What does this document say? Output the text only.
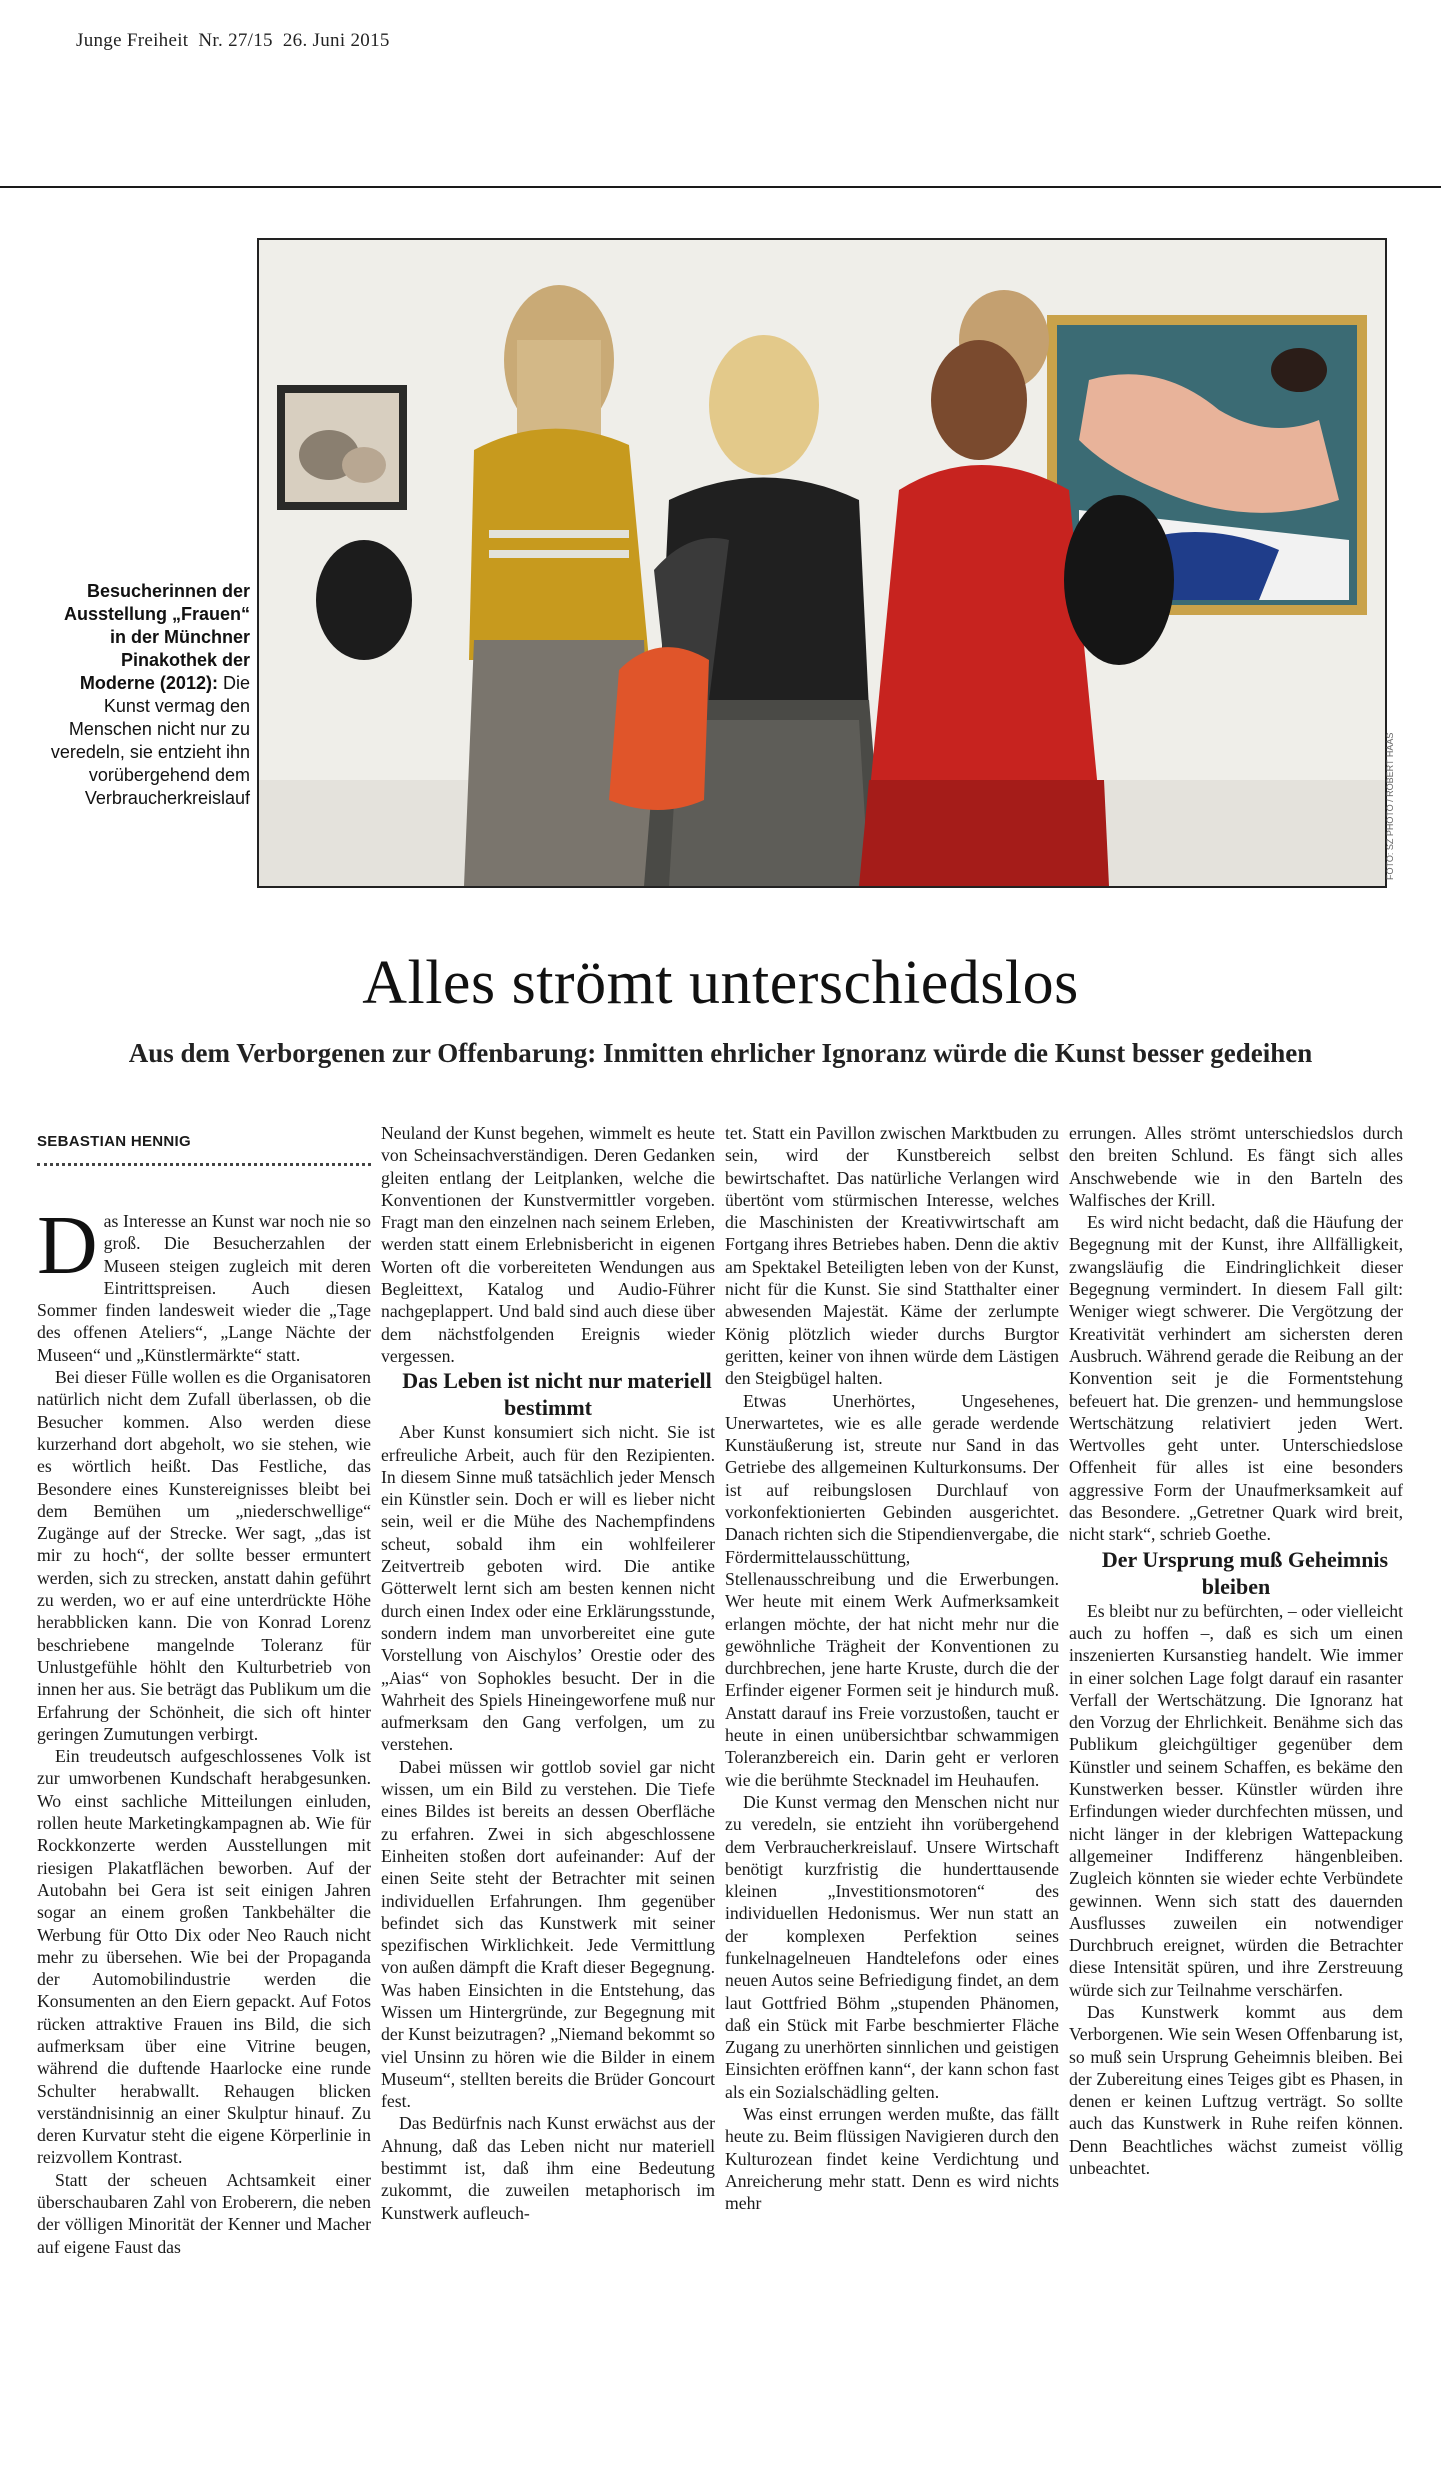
Junge Freiheit Nr. 27/15 26. Juni 2015
FOTO: SZ PHOTO / ROBERT HAAS
Besucherinnen der Ausstellung „Frauen“ in der Münchner Pinakothek der Moderne (2012): Die Kunst vermag den Menschen nicht nur zu veredeln, sie entzieht ihn vorübergehend dem Verbraucherkreislauf
Alles strömt unterschiedslos
Aus dem Verborgenen zur Offenbarung: Inmitten ehrlicher Ignoranz würde die Kunst besser gedeihen
SEBASTIAN HENNIG

Das Interesse an Kunst war noch nie so groß. Die Besucherzahlen der Museen steigen zugleich mit deren Eintrittspreisen. Auch diesen Sommer finden landesweit wieder die „Tage des offenen Ateliers“, „Lange Nächte der Museen“ und „Künstlermärkte“ statt.

Bei dieser Fülle wollen es die Organisatoren natürlich nicht dem Zufall überlassen, ob die Besucher kommen. Also werden diese kurzerhand dort abgeholt, wo sie stehen, wie es wörtlich heißt. Das Festliche, das Besondere eines Kunstereignisses bleibt bei dem Bemühen um „niederschwellige“ Zugänge auf der Strecke. Wer sagt, „das ist mir zu hoch“, der sollte besser ermuntert werden, sich zu strecken, anstatt dahin geführt zu werden, wo er auf eine unterdrückte Höhe herabblicken kann. Die von Konrad Lorenz beschriebene mangelnde Toleranz für Unlustgefühle höhlt den Kulturbetrieb von innen her aus. Sie beträgt das Publikum um die Erfahrung der Schönheit, die sich oft hinter geringen Zumutungen verbirgt.

Ein treudeutsch aufgeschlossenes Volk ist zur umworbenen Kundschaft herabgesunken. Wo einst sachliche Mitteilungen einluden, rollen heute Marketingkampagnen ab. Wie für Rockkonzerte werden Ausstellungen mit riesigen Plakatflächen beworben. Auf der Autobahn bei Gera ist seit einigen Jahren sogar an einem großen Tankbehälter die Werbung für Otto Dix oder Neo Rauch nicht mehr zu übersehen. Wie bei der Propaganda der Automobilindustrie werden die Konsumenten an den Eiern gepackt. Auf Fotos rücken attraktive Frauen ins Bild, die sich aufmerksam über eine Vitrine beugen, während die duftende Haarlocke eine runde Schulter herabwallt. Rehaugen blicken verständnisinnig an einer Skulptur hinauf. Zu deren Kurvatur steht die eigene Körperlinie in reizvollem Kontrast.

Statt der scheuen Achtsamkeit einer überschaubaren Zahl von Eroberern, die neben der völligen Minorität der Kenner und Macher auf eigene Faust das

Neuland der Kunst begehen, wimmelt es heute von Scheinsachverständigen. Deren Gedanken gleiten entlang der Leitplanken, welche die Konventionen der Kunstvermittler vorgeben. Fragt man den einzelnen nach seinem Erleben, werden statt einem Erlebnisbericht in eigenen Worten oft die vorbereiteten Wendungen aus Begleittext, Katalog und Audio-Führer nachgeplappert. Und bald sind auch diese über dem nächstfolgenden Ereignis wieder vergessen.

Das Leben ist nicht nur materiell bestimmt

Aber Kunst konsumiert sich nicht. Sie ist erfreuliche Arbeit, auch für den Rezipienten. In diesem Sinne muß tatsächlich jeder Mensch ein Künstler sein. Doch er will es lieber nicht sein, weil er die Mühe des Nachempfindens scheut, sobald ihm ein wohlfeilerer Zeitvertreib geboten wird. Die antike Götterwelt lernt sich am besten kennen nicht durch einen Index oder eine Erklärungsstunde, sondern indem man unvorbereitet eine gute Vorstellung von Aischylos’ Orestie oder des „Aias“ von Sophokles besucht. Der in die Wahrheit des Spiels Hineingeworfene muß nur aufmerksam den Gang verfolgen, um zu verstehen.

Dabei müssen wir gottlob soviel gar nicht wissen, um ein Bild zu verstehen. Die Tiefe eines Bildes ist bereits an dessen Oberfläche zu erfahren. Zwei in sich abgeschlossene Einheiten stoßen dort aufeinander: Auf der einen Seite steht der Betrachter mit seinen individuellen Erfahrungen. Ihm gegenüber befindet sich das Kunstwerk mit seiner spezifischen Wirklichkeit. Jede Vermittlung von außen dämpft die Kraft dieser Begegnung. Was haben Einsichten in die Entstehung, das Wissen um Hintergründe, zur Begegnung mit der Kunst beizutragen? „Niemand bekommt so viel Unsinn zu hören wie die Bilder in einem Museum“, stellten bereits die Brüder Goncourt fest.

Das Bedürfnis nach Kunst erwächst aus der Ahnung, daß das Leben nicht nur materiell bestimmt ist, daß ihm eine Bedeutung zukommt, die zuweilen metaphorisch im Kunstwerk aufleuch-

tet. Statt ein Pavillon zwischen Marktbuden zu sein, wird der Kunstbereich selbst bewirtschaftet. Das natürliche Verlangen wird übertönt vom stürmischen Interesse, welches die Maschinisten der Kreativwirtschaft am Fortgang ihres Betriebes haben. Denn die aktiv am Spektakel Beteiligten leben von der Kunst, nicht für die Kunst. Sie sind Statthalter einer abwesenden Majestät. Käme der zerlumpte König plötzlich wieder durchs Burgtor geritten, keiner von ihnen würde dem Lästigen den Steigbügel halten.

Etwas Unerhörtes, Ungesehenes, Unerwartetes, wie es alle gerade werdende Kunstäußerung ist, streute nur Sand in das Getriebe des allgemeinen Kulturkonsums. Der ist auf reibungslosen Durchlauf von vorkonfektionierten Gebinden ausgerichtet. Danach richten sich die Stipendienvergabe, die Fördermittelausschüttung, Stellenausschreibung und die Erwerbungen. Wer heute mit einem Werk Aufmerksamkeit erlangen möchte, der hat nicht mehr nur die gewöhnliche Trägheit der Konventionen zu durchbrechen, jene harte Kruste, durch die der Erfinder eigener Formen seit je hindurch muß. Anstatt darauf ins Freie vorzustoßen, taucht er heute in einen unübersichtbar schwammigen Toleranzbereich ein. Darin geht er verloren wie die berühmte Stecknadel im Heuhaufen.

Die Kunst vermag den Menschen nicht nur zu veredeln, sie entzieht ihn vorübergehend dem Verbraucherkreislauf. Unsere Wirtschaft benötigt kurzfristig die hunderttausende kleinen „Investitionsmotoren“ des individuellen Hedonismus. Wer nun statt an der komplexen Perfektion seines funkelnagelneuen Handtelefons oder eines neuen Autos seine Befriedigung findet, an dem laut Gottfried Böhm „stupenden Phänomen, daß ein Stück mit Farbe beschmierter Fläche Zugang zu unerhörten sinnlichen und geistigen Einsichten eröffnen kann“, der kann schon fast als ein Sozialschädling gelten.

Was einst errungen werden mußte, das fällt heute zu. Beim flüssigen Navigieren durch den Kulturozean findet keine Verdichtung und Anreicherung mehr statt. Denn es wird nichts mehr

errungen. Alles strömt unterschiedslos durch den breiten Schlund. Es fängt sich alles Anschwebende wie in den Barteln des Walfisches der Krill.

Es wird nicht bedacht, daß die Häufung der Begegnung mit der Kunst, ihre Allfälligkeit, zwangsläufig die Eindringlichkeit dieser Begegnung vermindert. In diesem Fall gilt: Weniger wiegt schwerer. Die Vergötzung der Kreativität verhindert am sichersten deren Ausbruch. Während gerade die Reibung an der Konvention seit je die Formentstehung befeuert hat. Die grenzen- und hemmungslose Wertschätzung relativiert jeden Wert. Wertvolles geht unter. Unterschiedslose Offenheit für alles ist eine besonders aggressive Form der Unaufmerksamkeit auf das Besondere. „Getretner Quark wird breit, nicht stark“, schrieb Goethe.

Der Ursprung muß Geheimnis bleiben

Es bleibt nur zu befürchten, – oder vielleicht auch zu hoffen –, daß es sich um einen inszenierten Kursanstieg handelt. Wie immer in einer solchen Lage folgt darauf ein rasanter Verfall der Wertschätzung. Die Ignoranz hat den Vorzug der Ehrlichkeit. Benähme sich das Publikum gleichgültiger gegenüber dem Künstler und seinem Schaffen, es bekäme den Kunstwerken besser. Künstler würden ihre Erfindungen wieder durchfechten müssen, und nicht länger in der klebrigen Wattepackung allgemeiner Indifferenz hängenbleiben. Zugleich könnten sie wieder echte Verbündete gewinnen. Wenn sich statt des dauernden Ausflusses zuweilen ein notwendiger Durchbruch ereignet, würden die Betrachter diese Intensität spüren, und ihre Zerstreuung würde sich zur Teilnahme verschärfen.

Das Kunstwerk kommt aus dem Verborgenen. Wie sein Wesen Offenbarung ist, so muß sein Ursprung Geheimnis bleiben. Bei der Zubereitung eines Teiges gibt es Phasen, in denen er keinen Luftzug verträgt. So sollte auch das Kunstwerk in Ruhe reifen können. Denn Beachtliches wächst zumeist völlig unbeachtet.
